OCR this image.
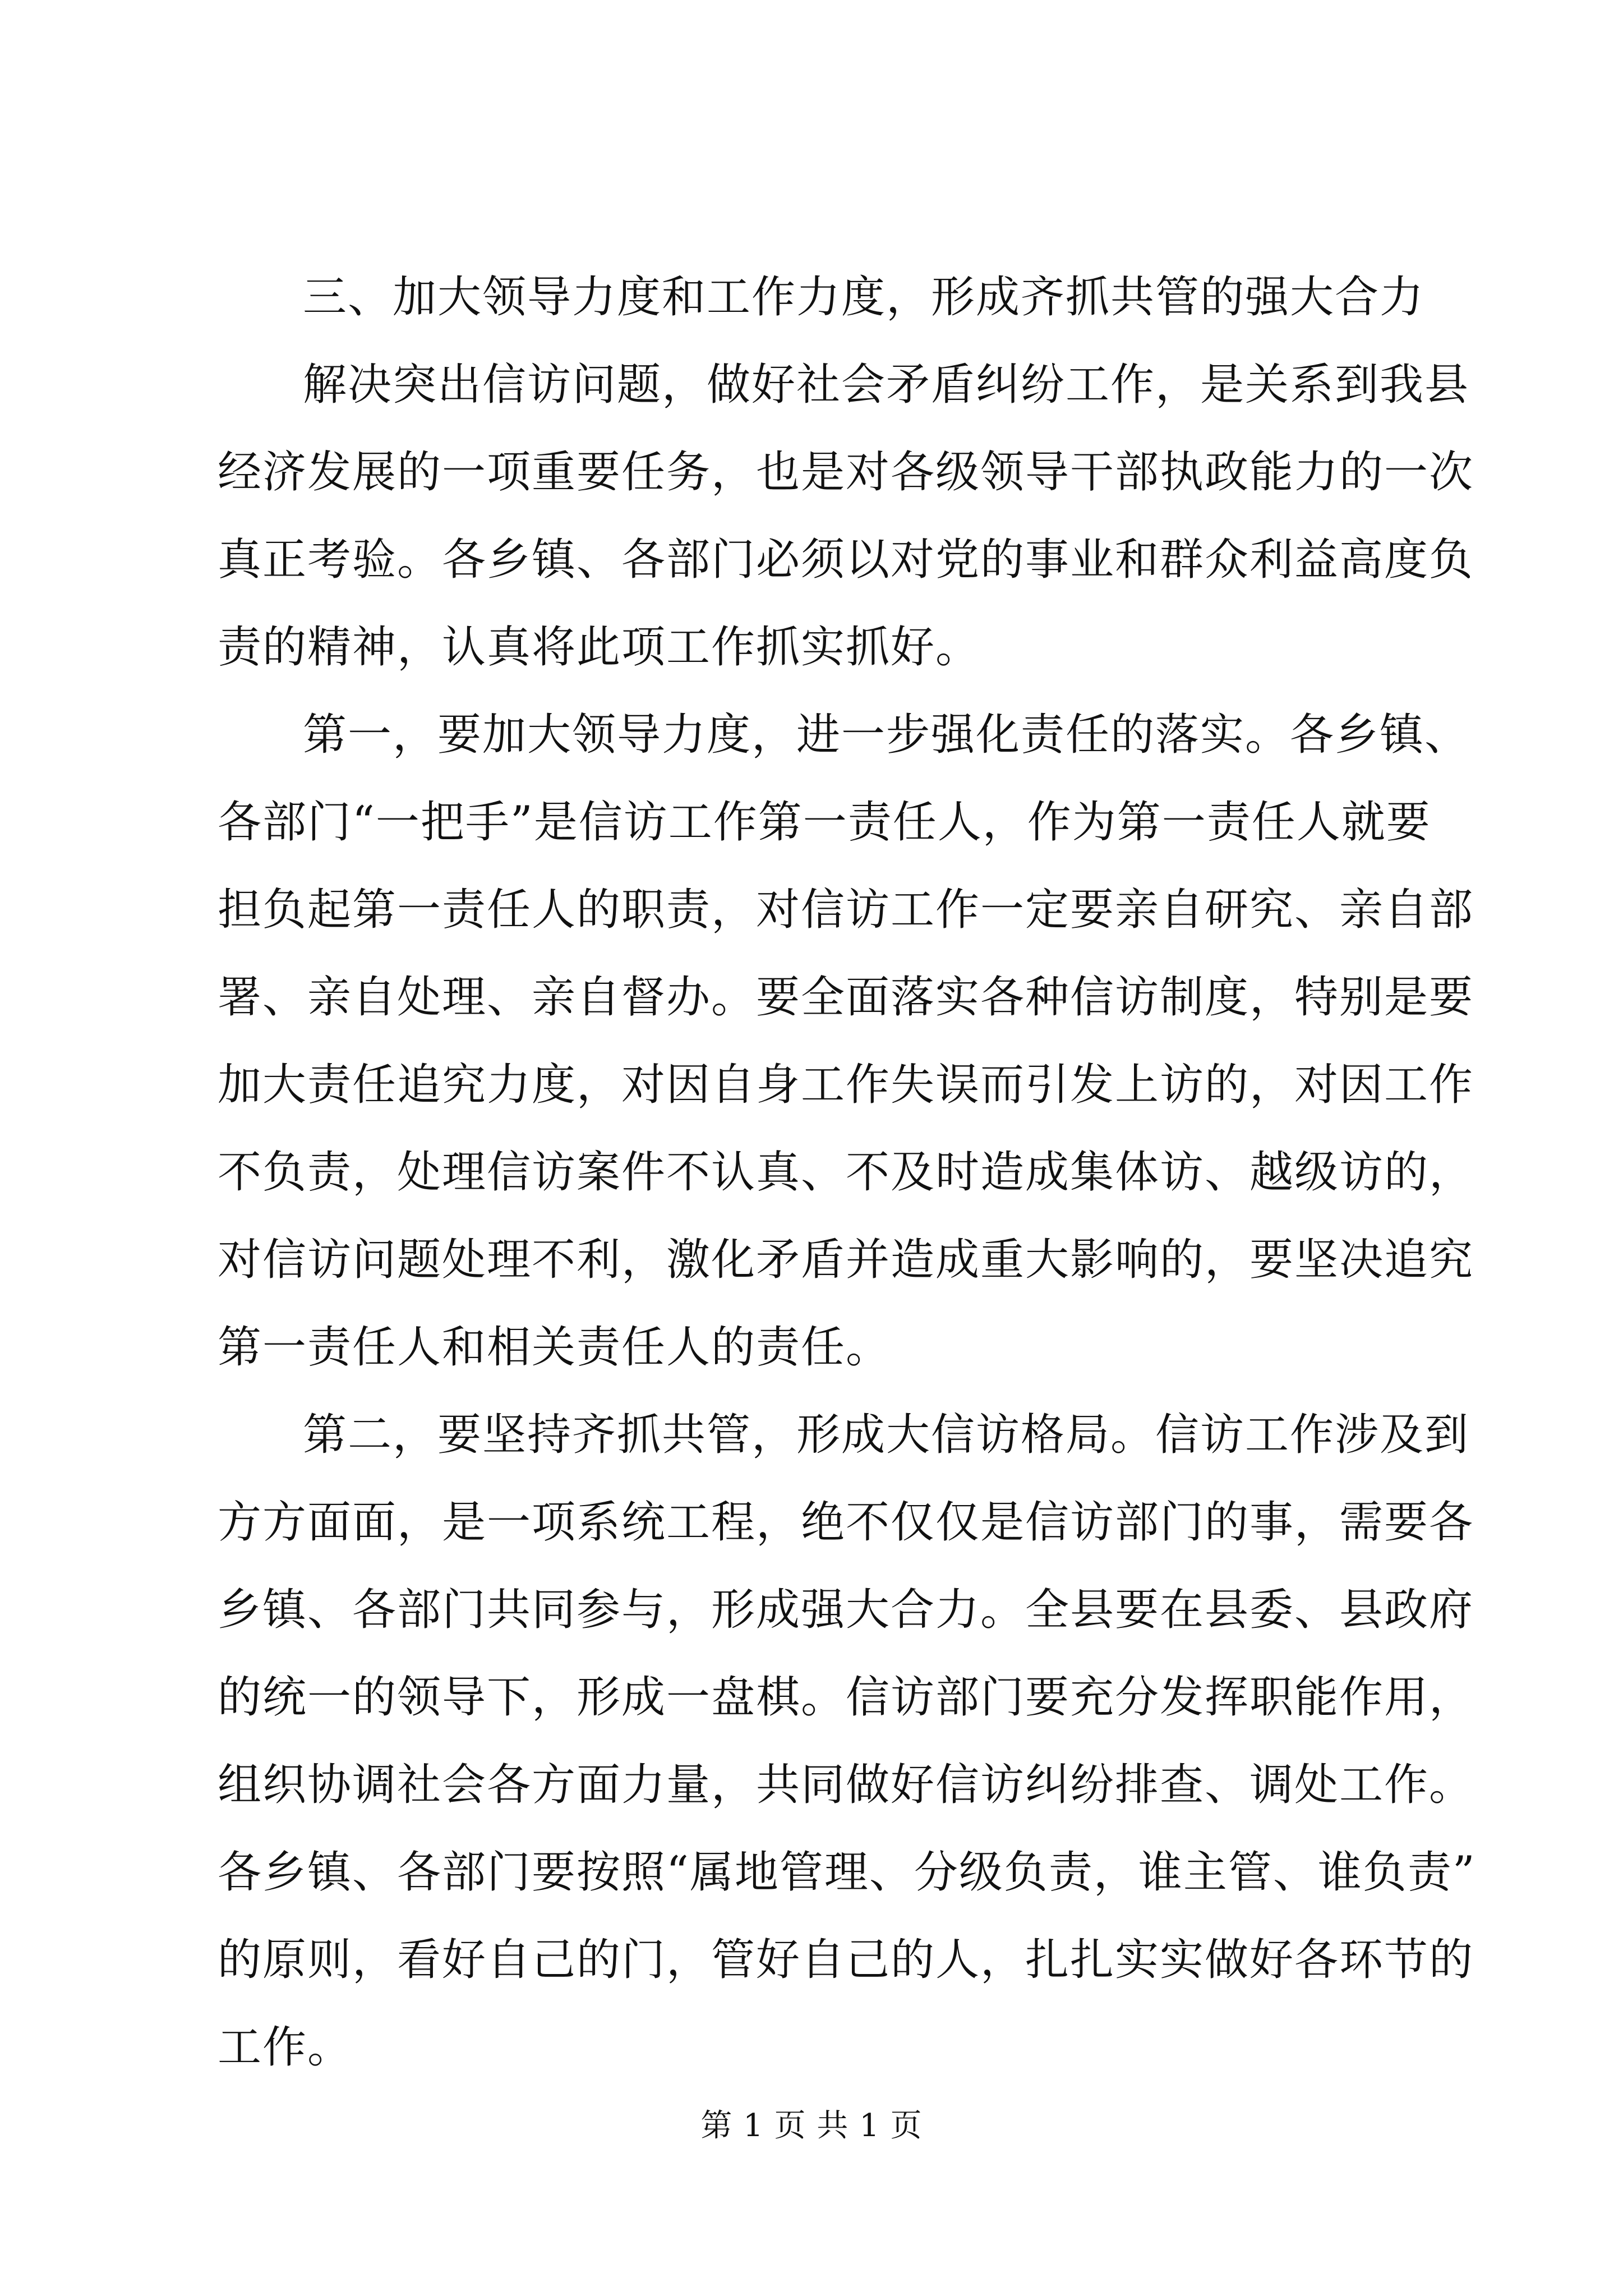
三、加大领导力度和工作力度，形成齐抓共管的强大合力
解决突出信访问题，做好社会矛盾纠纷工作，是关系到我县
经济发展的一项重要任务，也是对各级领导干部执政能力的一次
真正考验。各乡镇、各部门必须以对党的事业和群众利益高度负
责的精神，认真将此项工作抓实抓好。
第一，要加大领导力度，进一步强化责任的落实。各乡镇、
各部门“一把手”是信访工作第一责任人，作为第一责任人就要
担负起第一责任人的职责，对信访工作一定要亲自研究、亲自部
署、亲自处理、亲自督办。要全面落实各种信访制度，特别是要
加大责任追究力度，对因自身工作失误而引发上访的，对因工作
不负责，处理信访案件不认真、不及时造成集体访、越级访的，
对信访问题处理不利，激化矛盾并造成重大影响的，要坚决追究
第一责任人和相关责任人的责任。
第二，要坚持齐抓共管，形成大信访格局。信访工作涉及到
方方面面，是一项系统工程，绝不仅仅是信访部门的事，需要各
乡镇、各部门共同参与，形成强大合力。全县要在县委、县政府
的统一的领导下，形成一盘棋。信访部门要充分发挥职能作用，
组织协调社会各方面力量，共同做好信访纠纷排查、调处工作。
各乡镇、各部门要按照“属地管理、分级负责，谁主管、谁负责”
的原则，看好自己的门，管好自己的人，扎扎实实做好各环节的
工作。
第 1 页 共 1 页
